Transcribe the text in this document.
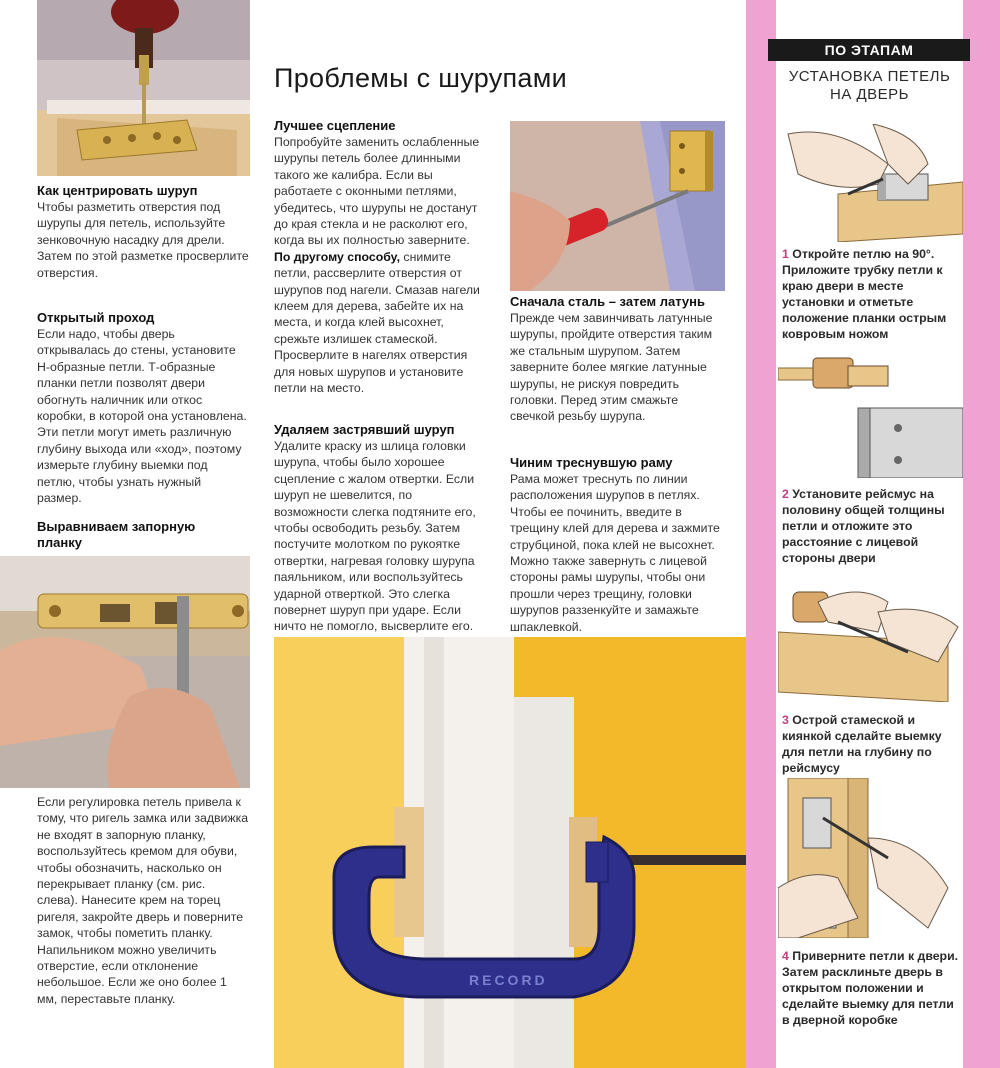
Как центрировать шуруп

Чтобы разметить отверстия под шурупы для петель, используйте зенковочную насадку для дрели. Затем по этой разметке просверлите отверстия.

Открытый проход

Если надо, чтобы дверь открывалась до стены, установите Н-образные петли. Т-образные планки петли позволят двери обогнуть наличник или откос коробки, в которой она установлена. Эти петли могут иметь различную глубину выхода или «ход», поэтому измерьте глубину выемки под петлю, чтобы узнать нужный размер.

Выравниваем запорную планку

Если регулировка петель привела к тому, что ригель замка или задвижка не входят в запорную планку, воспользуйтесь кремом для обуви, чтобы обозначить, насколько он перекрывает планку (см. рис. слева). Нанесите крем на торец ригеля, закройте дверь и поверните замок, чтобы пометить планку. Напильником можно увеличить отверстие, если отклонение небольшое. Если же оно более 1 мм, переставьте планку.

Проблемы с шурупами
Лучшее сцепление

Попробуйте заменить ослабленные шурупы петель более длинными такого же калибра. Если вы работаете с оконными петлями, убедитесь, что шурупы не достанут до края стекла и не расколют его, когда вы их полностью заверните. По другому способу, снимите петли, рассверлите отверстия от шурупов под нагели. Смазав нагели клеем для дерева, забейте их на места, и когда клей высохнет, срежьте излишек стамеской. Просверлите в нагелях отверстия для новых шурупов и установите петли на место.

Удаляем застрявший шуруп

Удалите краску из шлица головки шурупа, чтобы было хорошее сцепление с жалом отвертки. Если шуруп не шевелится, по возможности слегка подтяните его, чтобы освободить резьбу. Затем постучите молотком по рукоятке отвертки, нагревая головку шурупа паяльником, или воспользуйтесь ударной отверткой. Это слегка повернет шуруп при ударе. Если ничто не помогло, высверлите его.

Сначала сталь – затем латунь

Прежде чем завинчивать латунные шурупы, пройдите отверстия таким же стальным шурупом. Затем заверните более мягкие латунные шурупы, не рискуя повредить головки. Перед этим смажьте свечкой резьбу шурупа.

Чиним треснувшую раму

Рама может треснуть по линии расположения шурупов в петлях. Чтобы ее починить, введите в трещину клей для дерева и зажмите струбциной, пока клей не высохнет. Можно также завернуть с лицевой стороны рамы шурупы, чтобы они прошли через трещину, головки шурупов раззенкуйте и замажьте шпаклевкой.

RECORD
ПО ЭТАПАМ
УСТАНОВКА ПЕТЕЛЬ НА ДВЕРЬ

1 Откройте петлю на 90°. Приложите трубку петли к краю двери в месте установки и отметьте положение планки острым ковровым ножом

2 Установите рейсмус на половину общей толщины петли и отложите это расстояние с лицевой стороны двери

3 Острой стамеской и киянкой сделайте выемку для петли на глубину по рейсмусу

4 Приверните петли к двери. Затем расклиньте дверь в открытом положении и сделайте выемку для петли в дверной коробке
